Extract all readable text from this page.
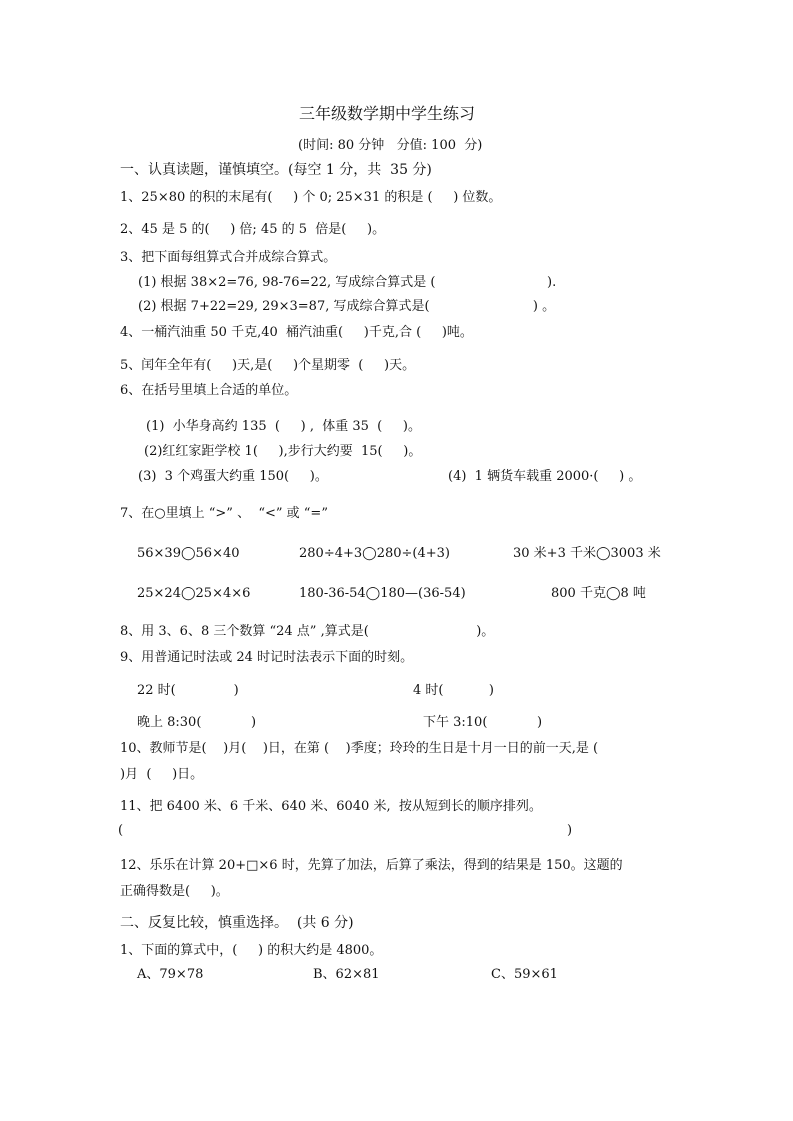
三年级数学期中学生练习
(时间: 80 分钟   分值: 100  分)
一、认真读题，谨慎填空。(每空 1 分，共  35 分)
1、25×80 的积的末尾有(     ) 个 0; 25×31 的积是 (     ) 位数。
2、45 是 5 的(     ) 倍; 45 的 5  倍是(     )。
3、把下面每组算式合并成综合算式。
(1) 根据 38×2=76, 98-76=22, 写成综合算式是 (                           ).
(2) 根据 7+22=29, 29×3=87, 写成综合算式是(                         ) 。
4、一桶汽油重 50 千克,40  桶汽油重(     )千克,合 (     )吨。
5、闰年全年有(     )天,是(     )个星期零  (     )天。
6、在括号里填上合适的单位。
(1)  小华身高约 135  (     ) ,  体重 35  (     )。
(2)红红家距学校 1(     ),步行大约要  15(     )。
(3)  3 个鸡蛋大约重 150(     )。	(4)  1 辆货车载重 2000·(     ) 。
7、在○里填上 “>” 、  “<” 或 “=”
56×39◯56×40	280÷4+3◯280÷(4+3)	30 米+3 千米◯3003 米
25×24◯25×4×6	180-36-54◯180—(36-54)	800 千克◯8 吨
8、用 3、6、8 三个数算 “24 点” ,算式是(                          )。
9、用普通记时法或 24 时记时法表示下面的时刻。
22 时(              )	4 时(           )
晚上 8:30(            )	下午 3:10(            )
10、教师节是(    )月(    )日，在第 (    )季度；玲玲的生日是十月一日的前一天,是 (
)月  (     )日。
11、把 6400 米、6 千米、640 米、6040 米,  按从短到长的顺序排列。
(	)
12、乐乐在计算 20+□×6 时，先算了加法，后算了乘法，得到的结果是 150。这题的
正确得数是(     )。
二、反复比较，慎重选择。  (共 6 分)
1、下面的算式中，(     ) 的积大约是 4800。
A、79×78	B、62×81	C、59×61
